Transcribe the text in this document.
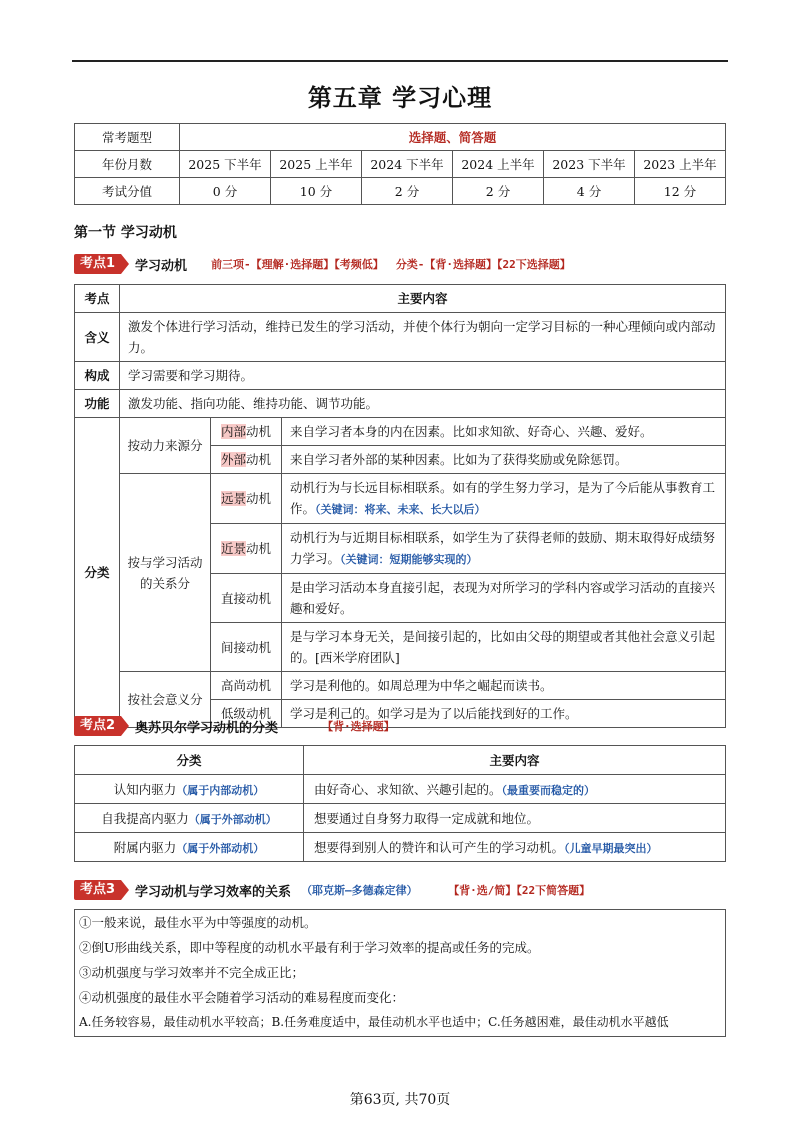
第五章 学习心理
常考题型	选择题、简答题					
年份月数	2025 下半年	2025 上半年	2024 下半年	2024 上半年	2023 下半年	2023 上半年
考试分值	0 分	10 分	2 分	2 分	4 分	12 分
第一节 学习动机
考点1 学习动机 前三项-【理解·选择题】【考频低】 分类-【背·选择题】【22下选择题】
考点	主要内容		
含义	激发个体进行学习活动，维持已发生的学习活动，并使个体行为朝向一定学习目标的一种心理倾向或内部动力。		
构成	学习需要和学习期待。		
功能	激发功能、指向功能、维持功能、调节功能。		
分类	按动力来源分	内部动机	来自学习者本身的内在因素。比如求知欲、好奇心、兴趣、爱好。
		外部动机	来自学习者外部的某种因素。比如为了获得奖励或免除惩罚。
	按与学习活动的关系分	远景动机	动机行为与长远目标相联系。如有的学生努力学习，是为了今后能从事教育工作。（关键词：将来、未来、长大以后）
		近景动机	动机行为与近期目标相联系，如学生为了获得老师的鼓励、期末取得好成绩努力学习。（关键词：短期能够实现的）
		直接动机	是由学习活动本身直接引起，表现为对所学习的学科内容或学习活动的直接兴趣和爱好。
		间接动机	是与学习本身无关，是间接引起的，比如由父母的期望或者其他社会意义引起的。[西米学府团队]
	按社会意义分	高尚动机	学习是利他的。如周总理为中华之崛起而读书。
		低级动机	学习是利己的。如学习是为了以后能找到好的工作。
考点2 奥苏贝尔学习动机的分类	【背·选择题】
分类	主要内容
认知内驱力（属于内部动机）	由好奇心、求知欲、兴趣引起的。（最重要而稳定的）
自我提高内驱力（属于外部动机）	想要通过自身努力取得一定成就和地位。
附属内驱力（属于外部动机）	想要得到别人的赞许和认可产生的学习动机。（儿童早期最突出）
考点3 学习动机与学习效率的关系 （耶克斯—多德森定律）	【背·选/简】【22下简答题】
①一般来说，最佳水平为中等强度的动机。
②倒U形曲线关系，即中等程度的动机水平最有利于学习效率的提高或任务的完成。
③动机强度与学习效率并不完全成正比；
④动机强度的最佳水平会随着学习活动的难易程度而变化：
A.任务较容易，最佳动机水平较高；B.任务难度适中，最佳动机水平也适中；C.任务越困难，最佳动机水平越低
第63页, 共70页
